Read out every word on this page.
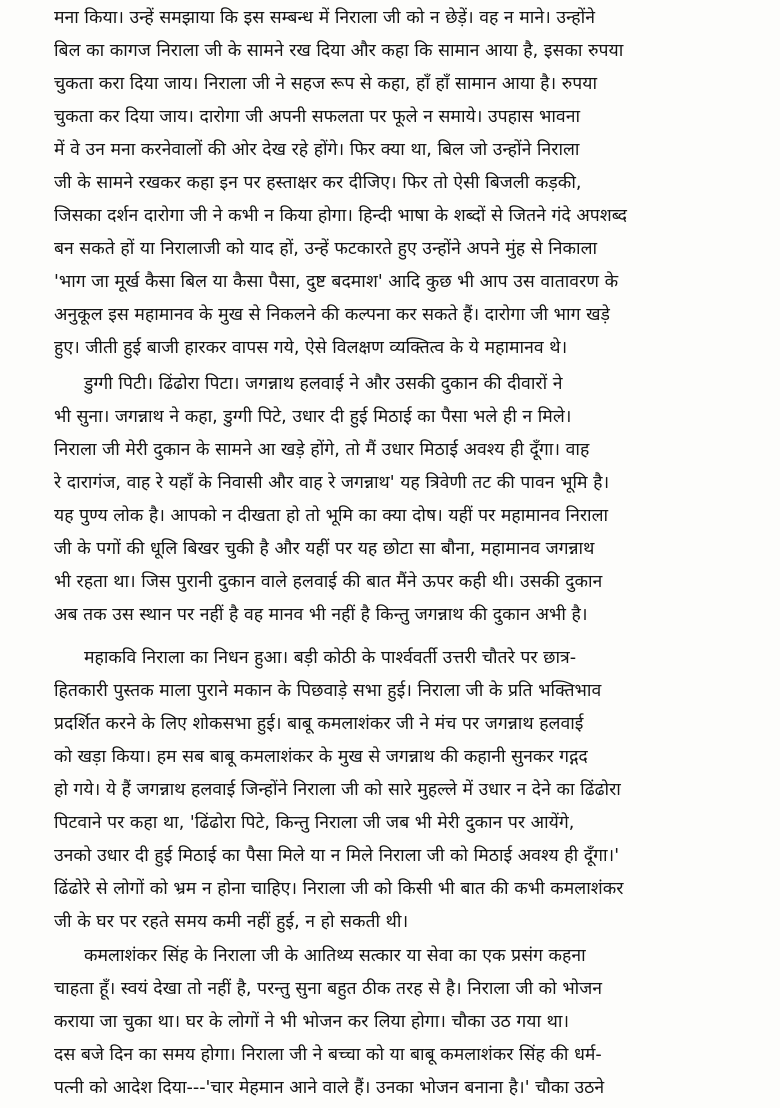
मना किया। उन्हें समझाया कि इस सम्बन्ध में निराला जी को न छेड़ें। वह न माने। उन्होंने
बिल का कागज निराला जी के सामने रख दिया और कहा कि सामान आया है, इसका रुपया
चुकता करा दिया जाय। निराला जी ने सहज रूप से कहा, हाँ हाँ सामान आया है। रुपया
चुकता कर दिया जाय। दारोगा जी अपनी सफलता पर फूले न समाये। उपहास भावना
में वे उन मना करनेवालों की ओर देख रहे होंगे। फिर क्या था, बिल जो उन्होंने निराला
जी के सामने रखकर कहा इन पर हस्ताक्षर कर दीजिए। फिर तो ऐसी बिजली कड़की,
जिसका दर्शन दारोगा जी ने कभी न किया होगा। हिन्दी भाषा के शब्दों से जितने गंदे अपशब्द
बन सकते हों या निरालाजी को याद हों, उन्हें फटकारते हुए उन्होंने अपने मुंह से निकाला
'भाग जा मूर्ख कैसा बिल या कैसा पैसा, दुष्ट बदमाश' आदि कुछ भी आप उस वातावरण के
अनुकूल इस महामानव के मुख से निकलने की कल्पना कर सकते हैं। दारोगा जी भाग खड़े
हुए। जीती हुई बाजी हारकर वापस गये, ऐसे विलक्षण व्यक्तित्व के ये महामानव थे।
डुग्गी पिटी। ढिंढोरा पिटा। जगन्नाथ हलवाई ने और उसकी दुकान की दीवारों ने
भी सुना। जगन्नाथ ने कहा, डुग्गी पिटे, उधार दी हुई मिठाई का पैसा भले ही न मिले।
निराला जी मेरी दुकान के सामने आ खड़े होंगे, तो मैं उधार मिठाई अवश्य ही दूँगा। वाह
रे दारागंज, वाह रे यहाँ के निवासी और वाह रे जगन्नाथ' यह त्रिवेणी तट की पावन भूमि है।
यह पुण्य लोक है। आपको न दीखता हो तो भूमि का क्या दोष। यहीं पर महामानव निराला
जी के पगों की धूलि बिखर चुकी है और यहीं पर यह छोटा सा बौना, महामानव जगन्नाथ
भी रहता था। जिस पुरानी दुकान वाले हलवाई की बात मैंने ऊपर कही थी। उसकी दुकान
अब तक उस स्थान पर नहीं है वह मानव भी नहीं है किन्तु जगन्नाथ की दुकान अभी है।
महाकवि निराला का निधन हुआ। बड़ी कोठी के पार्श्ववर्ती उत्तरी चौतरे पर छात्र-
हितकारी पुस्तक माला पुराने मकान के पिछवाड़े सभा हुई। निराला जी के प्रति भक्तिभाव
प्रदर्शित करने के लिए शोकसभा हुई। बाबू कमलाशंकर जी ने मंच पर जगन्नाथ हलवाई
को खड़ा किया। हम सब बाबू कमलाशंकर के मुख से जगन्नाथ की कहानी सुनकर गद्गद
हो गये। ये हैं जगन्नाथ हलवाई जिन्होंने निराला जी को सारे मुहल्ले में उधार न देने का ढिंढोरा
पिटवाने पर कहा था, 'ढिंढोरा पिटे, किन्तु निराला जी जब भी मेरी दुकान पर आयेंगे,
उनको उधार दी हुई मिठाई का पैसा मिले या न मिले निराला जी को मिठाई अवश्य ही दूँगा।'
ढिंढोरे से लोगों को भ्रम न होना चाहिए। निराला जी को किसी भी बात की कभी कमलाशंकर
जी के घर पर रहते समय कमी नहीं हुई, न हो सकती थी।
कमलाशंकर सिंह के निराला जी के आतिथ्य सत्कार या सेवा का एक प्रसंग कहना
चाहता हूँ। स्वयं देखा तो नहीं है, परन्तु सुना बहुत ठीक तरह से है। निराला जी को भोजन
कराया जा चुका था। घर के लोगों ने भी भोजन कर लिया होगा। चौका उठ गया था।
दस बजे दिन का समय होगा। निराला जी ने बच्चा को या बाबू कमलाशंकर सिंह की धर्म-
पत्नी को आदेश दिया---'चार मेहमान आने वाले हैं। उनका भोजन बनाना है।' चौका उठने
